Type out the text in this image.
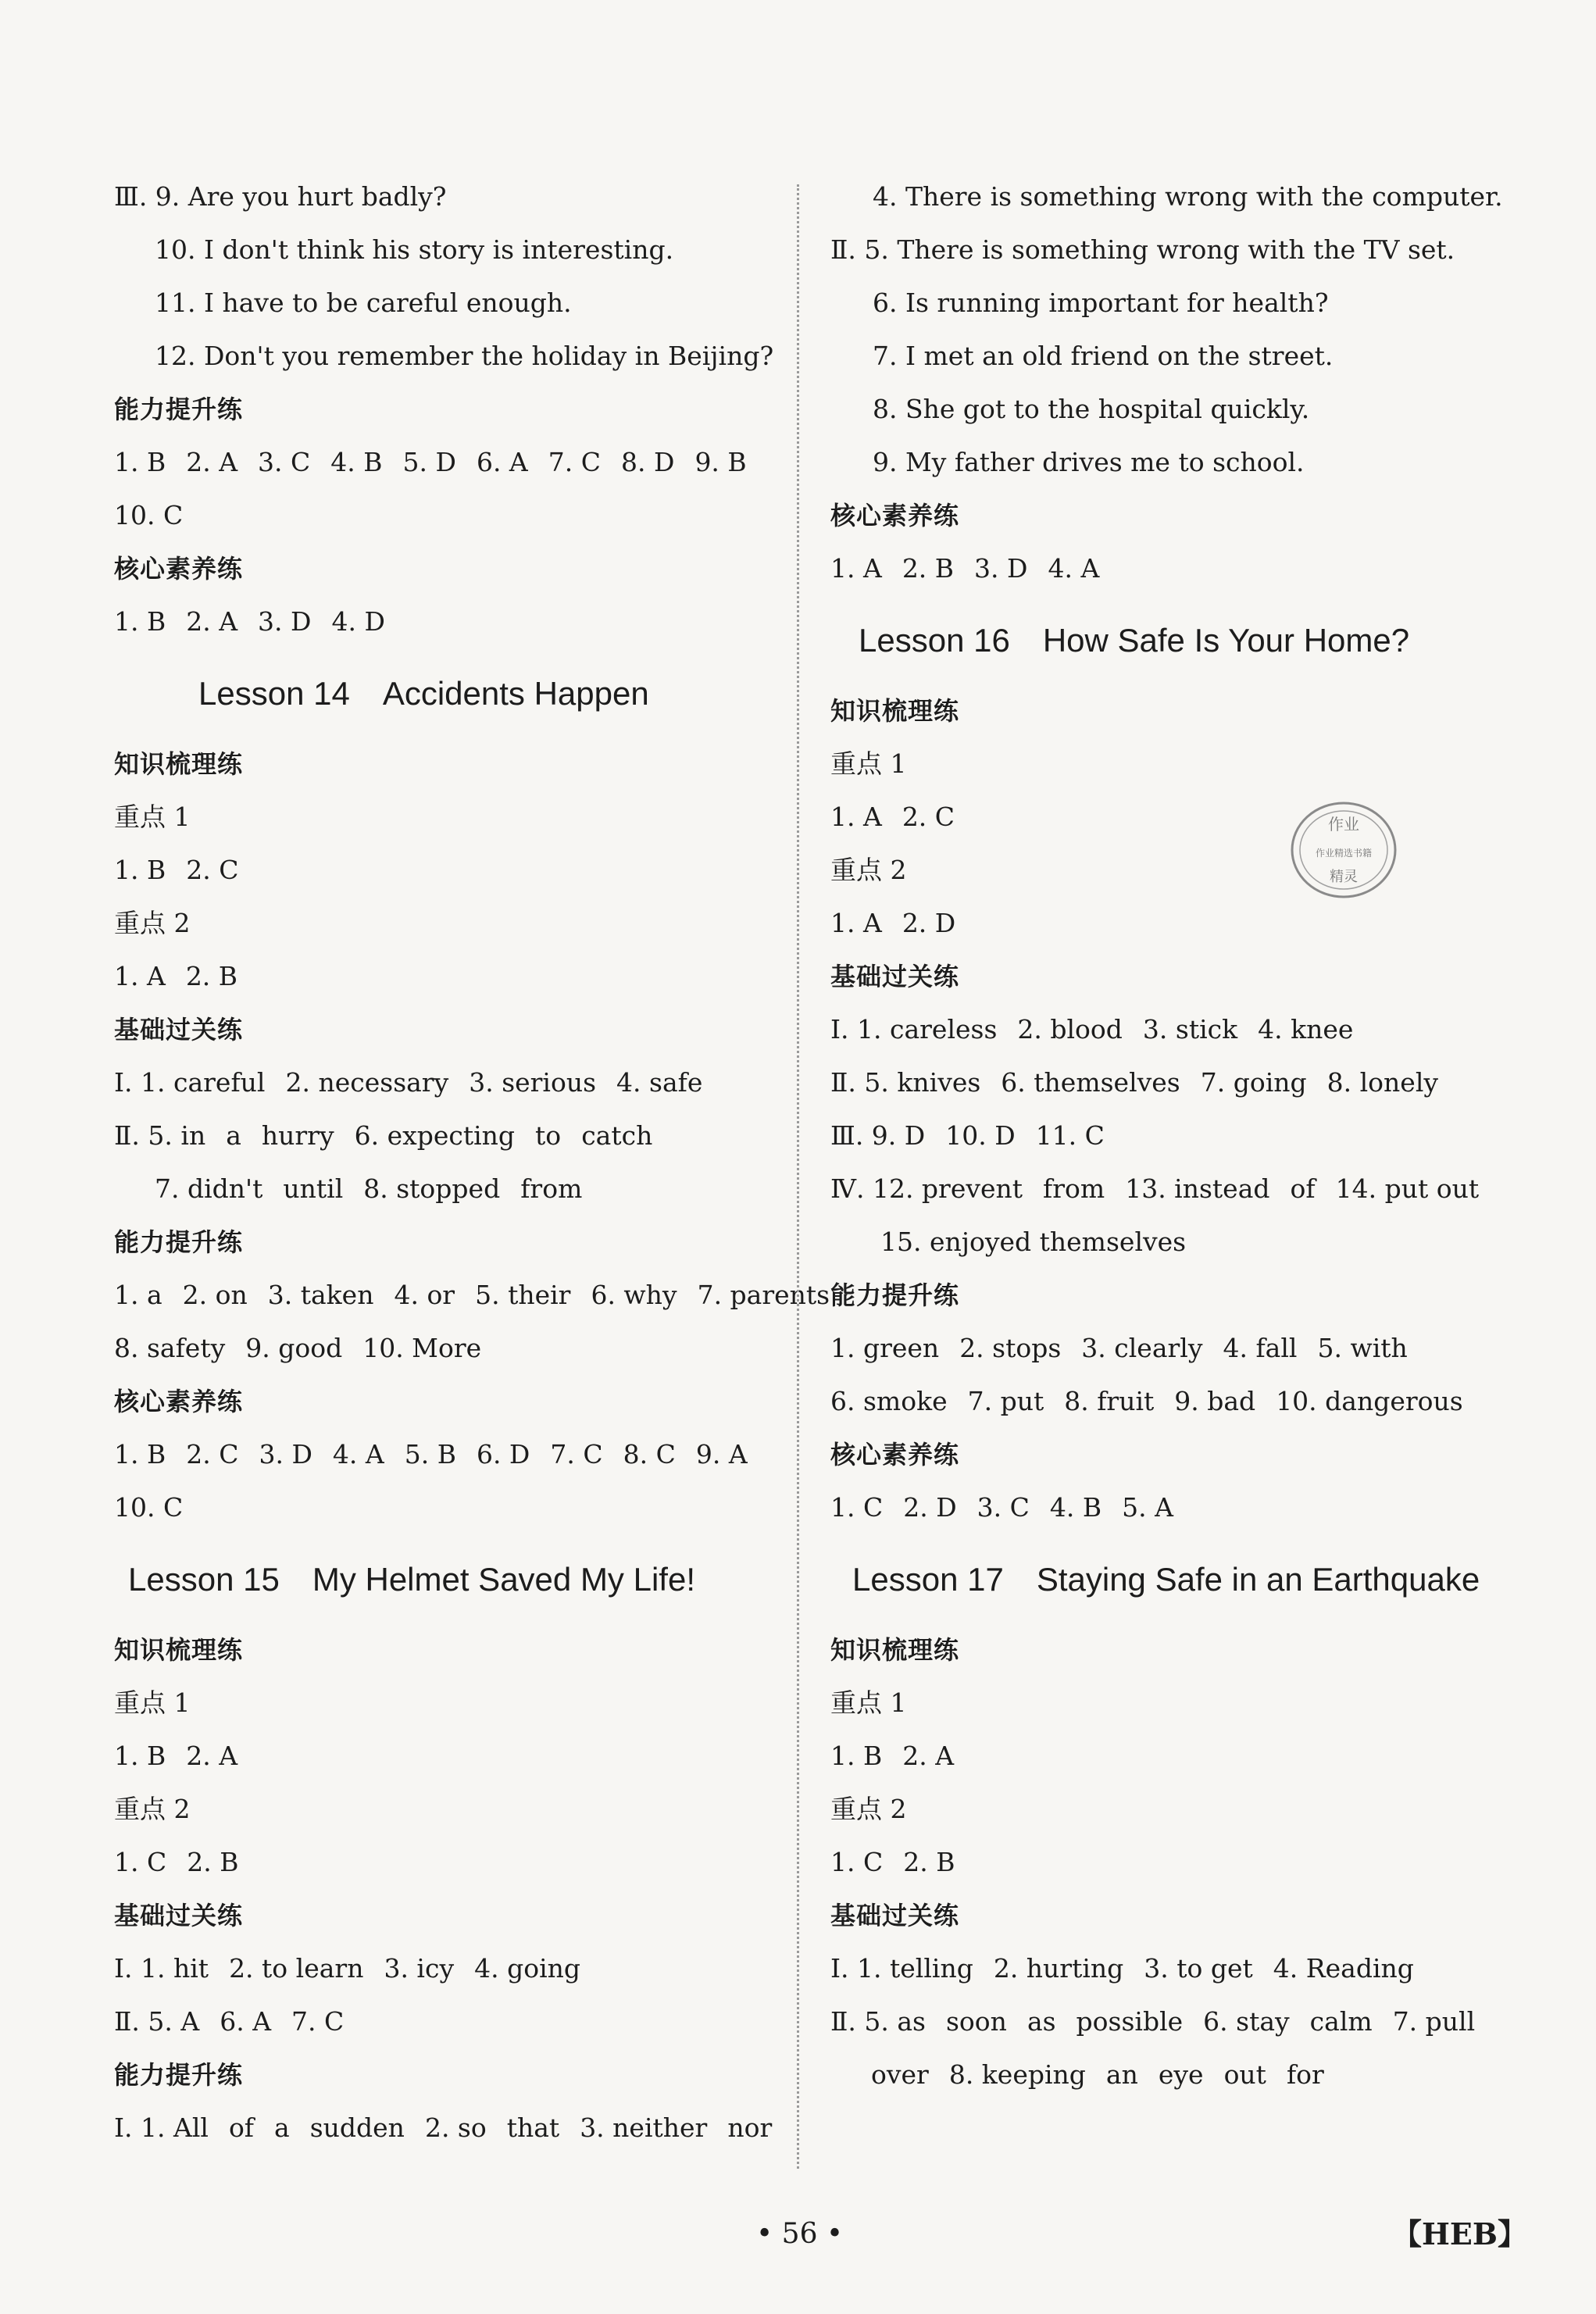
Ⅲ. 9. Are you hurt badly?
10. I don't think his story is interesting.
11. I have to be careful enough.
12. Don't you remember the holiday in Beijing?
能力提升练
1. B 2. A 3. C 4. B 5. D 6. A 7. C 8. D 9. B
10. C
核心素养练
1. B 2. A 3. D 4. D
Lesson 14 Accidents Happen
知识梳理练
重点 1
1. B 2. C
重点 2
1. A 2. B
基础过关练
Ⅰ. 1. careful 2. necessary 3. serious 4. safe
Ⅱ. 5. in a hurry 6. expecting to catch
7. didn't until 8. stopped from
能力提升练
1. a 2. on 3. taken 4. or 5. their 6. why 7. parents
8. safety 9. good 10. More
核心素养练
1. B 2. C 3. D 4. A 5. B 6. D 7. C 8. C 9. A
10. C
Lesson 15 My Helmet Saved My Life!
知识梳理练
重点 1
1. B 2. A
重点 2
1. C 2. B
基础过关练
Ⅰ. 1. hit 2. to learn 3. icy 4. going
Ⅱ. 5. A 6. A 7. C
能力提升练
Ⅰ. 1. All of a sudden 2. so that 3. neither nor
4. There is something wrong with the computer.
Ⅱ. 5. There is something wrong with the TV set.
6. Is running important for health?
7. I met an old friend on the street.
8. She got to the hospital quickly.
9. My father drives me to school.
核心素养练
1. A 2. B 3. D 4. A
Lesson 16 How Safe Is Your Home?
知识梳理练
重点 1
1. A 2. C
重点 2
1. A 2. D
基础过关练
Ⅰ. 1. careless 2. blood 3. stick 4. knee
Ⅱ. 5. knives 6. themselves 7. going 8. lonely
Ⅲ. 9. D 10. D 11. C
Ⅳ. 12. prevent from 13. instead of 14. put out
15. enjoyed themselves
能力提升练
1. green 2. stops 3. clearly 4. fall 5. with
6. smoke 7. put 8. fruit 9. bad 10. dangerous
核心素养练
1. C 2. D 3. C 4. B 5. A
Lesson 17 Staying Safe in an Earthquake
知识梳理练
重点 1
1. B 2. A
重点 2
1. C 2. B
基础过关练
Ⅰ. 1. telling 2. hurting 3. to get 4. Reading
Ⅱ. 5. as soon as possible 6. stay calm 7. pull
over 8. keeping an eye out for
作业
作业精选书籍
精灵
• 56 •	【HEB】
